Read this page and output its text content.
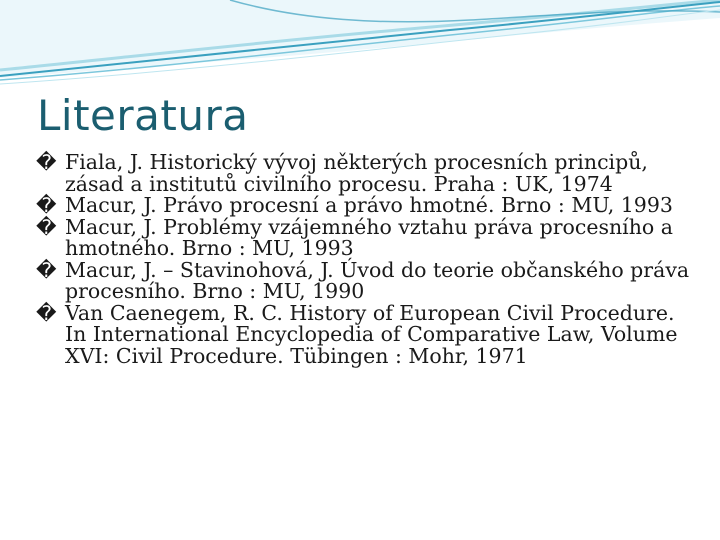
Literatura
� Fiala, J. Historický vývoj některých procesních principů, zásad a institutů civilního procesu. Praha : UK, 1974
� Macur, J. Právo procesní a právo hmotné. Brno : MU, 1993
� Macur, J. Problémy vzájemného vztahu práva procesního a hmotného. Brno : MU, 1993
� Macur, J. – Stavinohová, J. Úvod do teorie občanského práva procesního. Brno : MU, 1990
� Van Caenegem, R. C. History of European Civil Procedure. In International Encyclopedia of Comparative Law, Volume XVI: Civil Procedure. Tübingen : Mohr, 1971
